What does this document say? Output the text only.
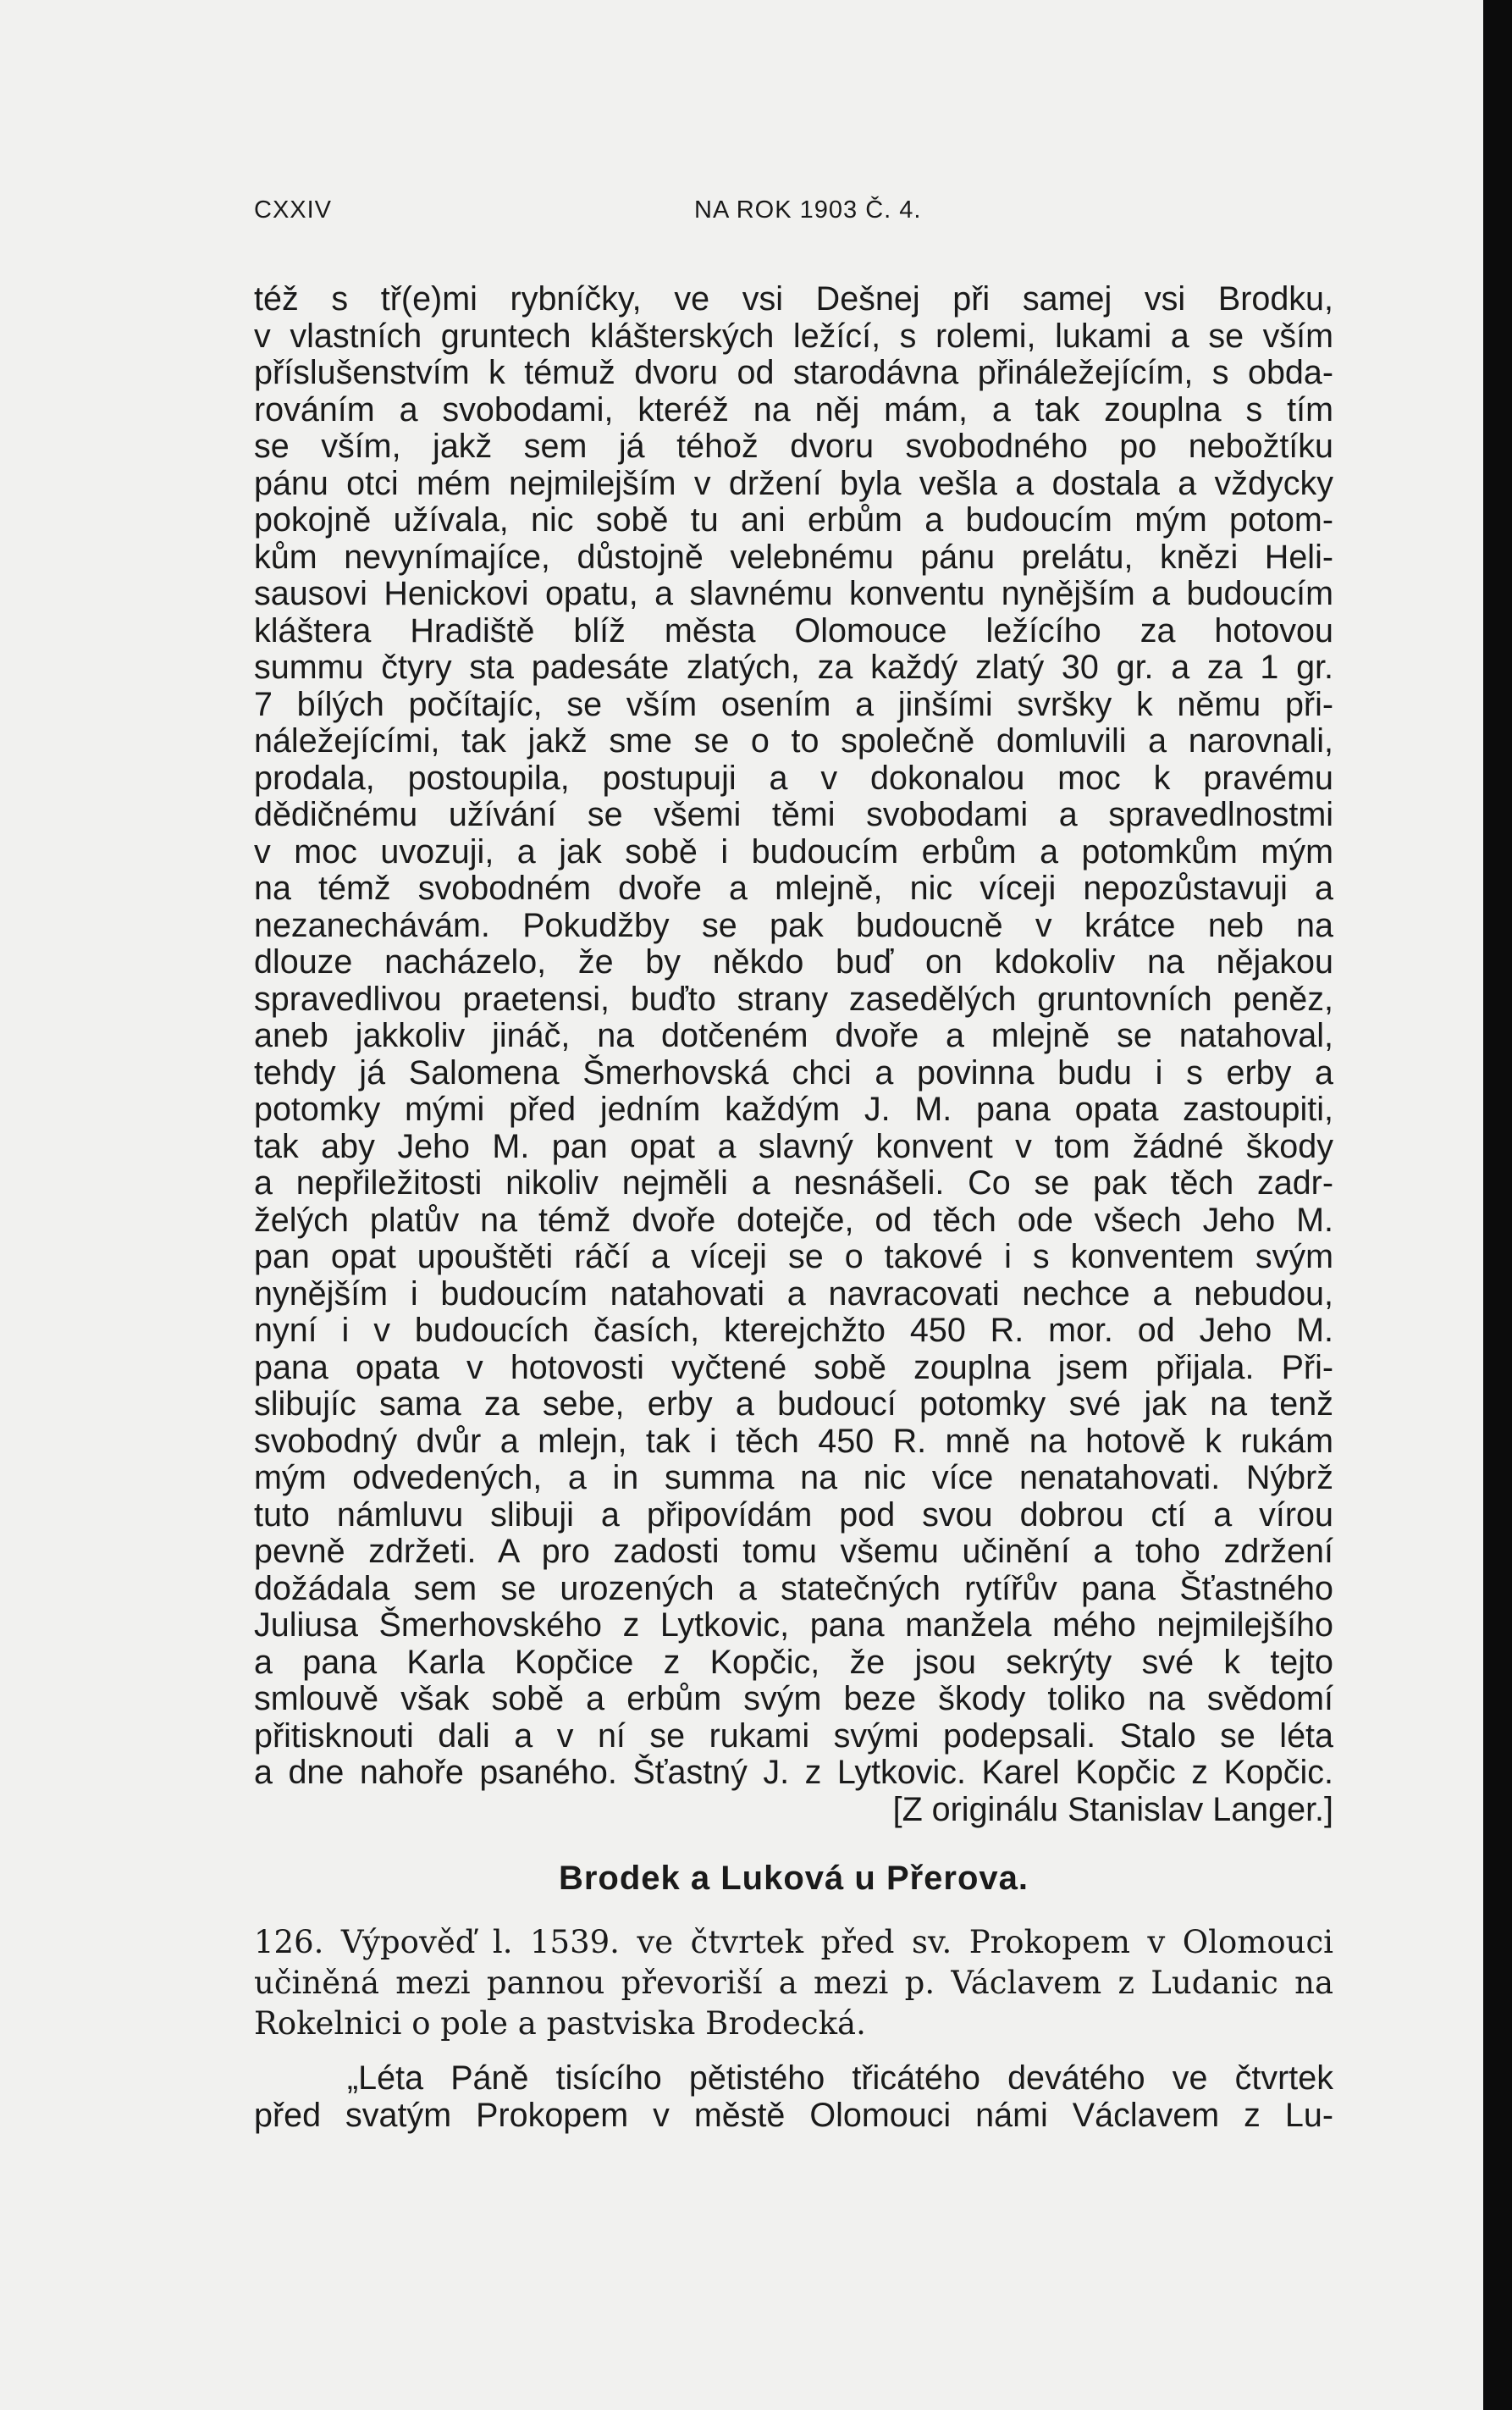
CXXIV	NA ROK 1903 Č. 4.
též s tř(e)mi rybníčky, ve vsi Dešnej při samej vsi Brodku,
v vlastních gruntech klášterských ležící, s rolemi, lukami a se vším
příslušenstvím k témuž dvoru od starodávna přináležejícím, s obda-
rováním a svobodami, kteréž na něj mám, a tak zouplna s tím
se vším, jakž sem já téhož dvoru svobodného po nebožtíku
pánu otci mém nejmilejším v držení byla vešla a dostala a vždycky
pokojně užívala, nic sobě tu ani erbům a budoucím mým potom-
kům nevynímajíce, důstojně velebnému pánu prelátu, knězi Heli-
sausovi Henickovi opatu, a slavnému konventu nynějším a budoucím
kláštera Hradiště blíž města Olomouce ležícího za hotovou
summu čtyry sta padesáte zlatých, za každý zlatý 30 gr. a za 1 gr.
7 bílých počítajíc, se vším osením a jinšími svršky k němu při-
náležejícími, tak jakž sme se o to společně domluvili a narovnali,
prodala, postoupila, postupuji a v dokonalou moc k pravému
dědičnému užívání se všemi těmi svobodami a spravedlnostmi
v moc uvozuji, a jak sobě i budoucím erbům a potomkům mým
na témž svobodném dvoře a mlejně, nic víceji nepozůstavuji a
nezanechávám. Pokudžby se pak budoucně v krátce neb na
dlouze nacházelo, že by někdo buď on kdokoliv na nějakou
spravedlivou praetensi, buďto strany zasedělých gruntovních peněz,
aneb jakkoliv jináč, na dotčeném dvoře a mlejně se natahoval,
tehdy já Salomena Šmerhovská chci a povinna budu i s erby a
potomky mými před jedním každým J. M. pana opata zastoupiti,
tak aby Jeho M. pan opat a slavný konvent v tom žádné škody
a nepřiležitosti nikoliv nejměli a nesnášeli. Co se pak těch zadr-
želých platův na témž dvoře dotejče, od těch ode všech Jeho M.
pan opat upouštěti ráčí a víceji se o takové i s konventem svým
nynějším i budoucím natahovati a navracovati nechce a nebudou,
nyní i v budoucích časích, kterejchžto 450 R. mor. od Jeho M.
pana opata v hotovosti vyčtené sobě zouplna jsem přijala. Při-
slibujíc sama za sebe, erby a budoucí potomky své jak na tenž
svobodný dvůr a mlejn, tak i těch 450 R. mně na hotově k rukám
mým odvedených, a in summa na nic více nenatahovati. Nýbrž
tuto námluvu slibuji a připovídám pod svou dobrou ctí a vírou
pevně zdržeti. A pro zadosti tomu všemu učinění a toho zdržení
dožádala sem se urozených a statečných rytířův pana Šťastného
Juliusa Šmerhovského z Lytkovic, pana manžela mého nejmilejšího
a pana Karla Kopčice z Kopčic, že jsou sekrýty své k tejto
smlouvě však sobě a erbům svým beze škody toliko na svědomí
přitisknouti dali a v ní se rukami svými podepsali. Stalo se léta
a dne nahoře psaného. Šťastný J. z Lytkovic. Karel Kopčic z Kopčic.
[Z originálu Stanislav Langer.]
Brodek a Luková u Přerova.
126. Výpověď l. 1539. ve čtvrtek před sv. Prokopem v Olomouci
učiněná mezi pannou převoriší a mezi p. Václavem z Ludanic na
Rokelnici o pole a pastviska Brodecká.
„Léta Páně tisícího pětistého třicátého devátého ve čtvrtek
před svatým Prokopem v městě Olomouci námi Václavem z Lu-
